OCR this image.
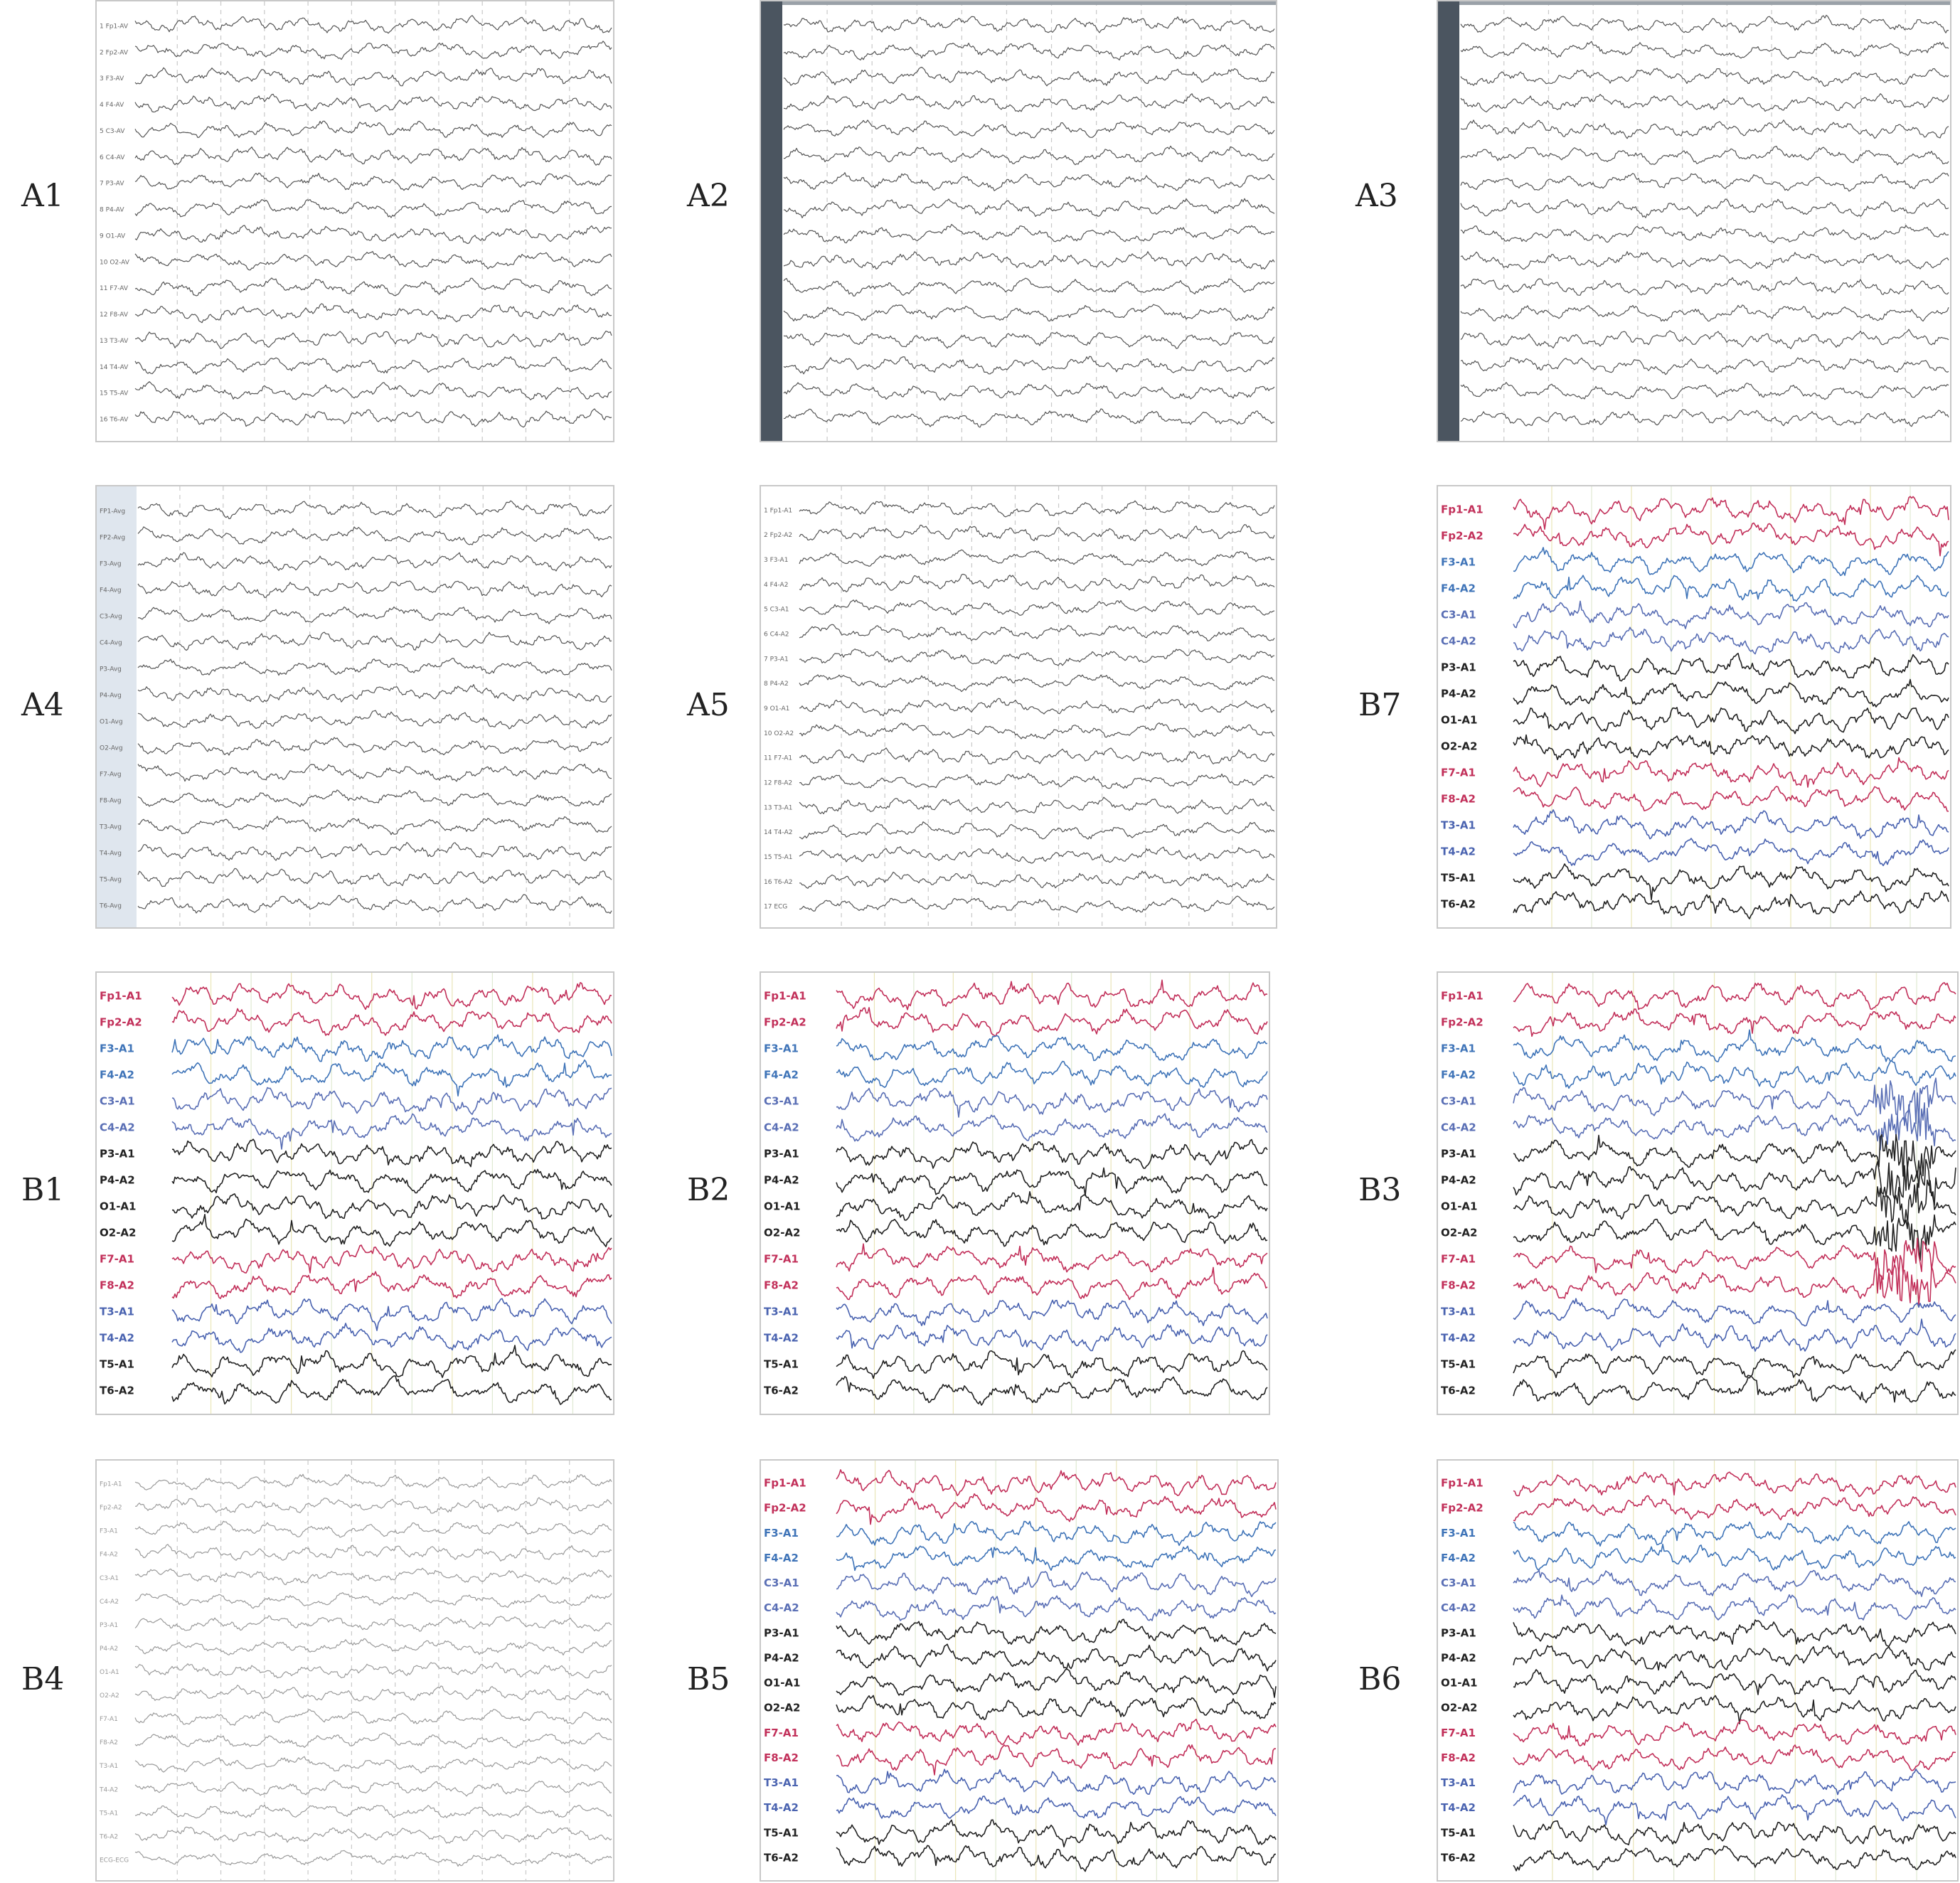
A1
1 Fp1-AV
2 Fp2-AV
3 F3-AV
4 F4-AV
5 C3-AV
6 C4-AV
7 P3-AV
8 P4-AV
9 O1-AV
10 O2-AV
11 F7-AV
12 F8-AV
13 T3-AV
14 T4-AV
15 T5-AV
16 T6-AV
A2	A3
A4
FP1-Avg
FP2-Avg
F3-Avg
F4-Avg
C3-Avg
C4-Avg
P3-Avg
P4-Avg
O1-Avg
O2-Avg
F7-Avg
F8-Avg
T3-Avg
T4-Avg
T5-Avg
T6-Avg
A5
1 Fp1-A1
2 Fp2-A2
3 F3-A1
4 F4-A2
5 C3-A1
6 C4-A2
7 P3-A1
8 P4-A2
9 O1-A1
10 O2-A2
11 F7-A1
12 F8-A2
13 T3-A1
14 T4-A2
15 T5-A1
16 T6-A2
17 ECG
B7
Fp1-A1
Fp2-A2
F3-A1
F4-A2
C3-A1
C4-A2
P3-A1
P4-A2
O1-A1
O2-A2
F7-A1
F8-A2
T3-A1
T4-A2
T5-A1
T6-A2
B1
Fp1-A1
Fp2-A2
F3-A1
F4-A2
C3-A1
C4-A2
P3-A1
P4-A2
O1-A1
O2-A2
F7-A1
F8-A2
T3-A1
T4-A2
T5-A1
T6-A2
B2
Fp1-A1
Fp2-A2
F3-A1
F4-A2
C3-A1
C4-A2
P3-A1
P4-A2
O1-A1
O2-A2
F7-A1
F8-A2
T3-A1
T4-A2
T5-A1
T6-A2
B3
Fp1-A1
Fp2-A2
F3-A1
F4-A2
C3-A1
C4-A2
P3-A1
P4-A2
O1-A1
O2-A2
F7-A1
F8-A2
T3-A1
T4-A2
T5-A1
T6-A2
B4
Fp1-A1
Fp2-A2
F3-A1
F4-A2
C3-A1
C4-A2
P3-A1
P4-A2
O1-A1
O2-A2
F7-A1
F8-A2
T3-A1
T4-A2
T5-A1
T6-A2
ECG-ECG
B5
Fp1-A1
Fp2-A2
F3-A1
F4-A2
C3-A1
C4-A2
P3-A1
P4-A2
O1-A1
O2-A2
F7-A1
F8-A2
T3-A1
T4-A2
T5-A1
T6-A2
B6
Fp1-A1
Fp2-A2
F3-A1
F4-A2
C3-A1
C4-A2
P3-A1
P4-A2
O1-A1
O2-A2
F7-A1
F8-A2
T3-A1
T4-A2
T5-A1
T6-A2
